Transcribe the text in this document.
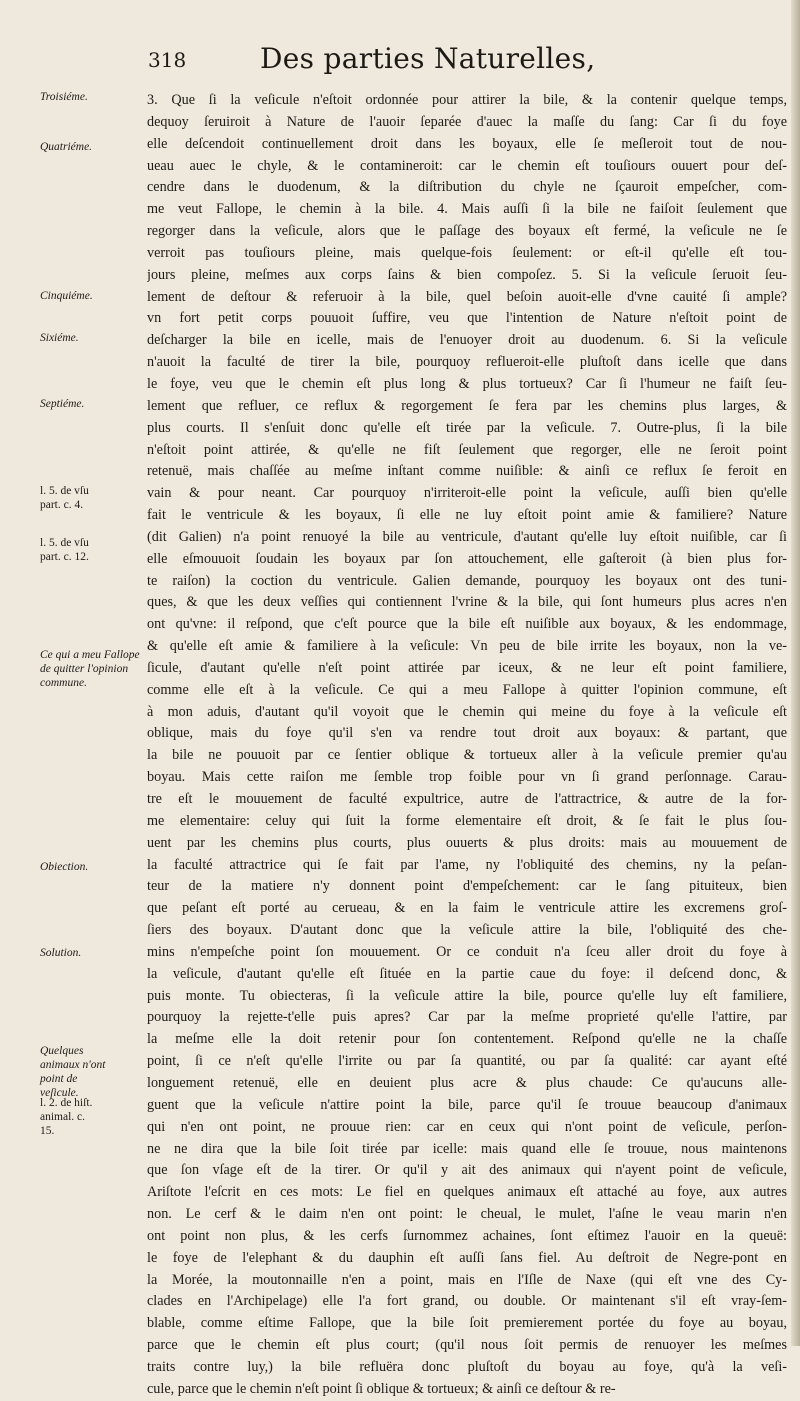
318	Des parties Naturelles,
Troisiéme.
Quatriéme.
Cinquiéme.
Sixiéme.
Septiéme.
l. 5. de vſu part. c. 4.
l. 5. de vſu part. c. 12.
Ce qui a meu Fallope de quitter l'opinion commune.
Obiection.
Solution.
Quelques animaux n'ont point de veſicule.
l. 2. de hiſt. animal. c. 15.
3. Que ſi la veſicule n'eſtoit ordonnée pour attirer la bile, & la contenir quelque temps,
dequoy ſeruiroit à Nature de l'auoir ſeparée d'auec la maſſe du ſang: Car ſi du foye
elle deſcendoit continuellement droit dans les boyaux, elle ſe meſleroit tout de nou-
ueau auec le chyle, & le contamineroit: car le chemin eſt touſiours ouuert pour deſ-
cendre dans le duodenum, & la diſtribution du chyle ne ſçauroit empeſcher, com-
me veut Fallope, le chemin à la bile. 4. Mais auſſi ſi la bile ne faiſoit ſeulement que
regorger dans la veſicule, alors que le paſſage des boyaux eſt fermé, la veſicule ne ſe
verroit pas touſiours pleine, mais quelque-fois ſeulement: or eſt-il qu'elle eſt tou-
jours pleine, meſmes aux corps ſains & bien compoſez. 5. Si la veſicule ſeruoit ſeu-
lement de deſtour & referuoir à la bile, quel beſoin auoit-elle d'vne cauité ſi ample?
vn fort petit corps pouuoit ſuffire, veu que l'intention de Nature n'eſtoit point de
deſcharger la bile en icelle, mais de l'enuoyer droit au duodenum. 6. Si la veſicule
n'auoit la faculté de tirer la bile, pourquoy reflueroit-elle pluſtoſt dans icelle que dans
le foye, veu que le chemin eſt plus long & plus tortueux? Car ſi l'humeur ne faiſt ſeu-
lement que refluer, ce reflux & regorgement ſe fera par les chemins plus larges, &
plus courts. Il s'enſuit donc qu'elle eſt tirée par la veſicule. 7. Outre-plus, ſi la bile
n'eſtoit point attirée, & qu'elle ne fiſt ſeulement que regorger, elle ne ſeroit point
retenuë, mais chaſſée au meſme inſtant comme nuiſible: & ainſi ce reflux ſe feroit en
vain & pour neant. Car pourquoy n'irriteroit-elle point la veſicule, auſſi bien qu'elle
fait le ventricule & les boyaux, ſi elle ne luy eſtoit point amie & familiere? Nature
(dit Galien) n'a point renuoyé la bile au ventricule, d'autant qu'elle luy eſtoit nuiſible, car ſi
elle eſmouuoit ſoudain les boyaux par ſon attouchement, elle gaſteroit (à bien plus for-
te raiſon) la coction du ventricule. Galien demande, pourquoy les boyaux ont des tuni-
ques, & que les deux veſſies qui contiennent l'vrine & la bile, qui ſont humeurs plus acres n'en
ont qu'vne: il reſpond, que c'eſt pource que la bile eſt nuiſible aux boyaux, & les endommage,
& qu'elle eſt amie & familiere à la veſicule: Vn peu de bile irrite les boyaux, non la ve-
ſicule, d'autant qu'elle n'eſt point attirée par iceux, & ne leur eſt point familiere,
comme elle eſt à la veſicule. Ce qui a meu Fallope à quitter l'opinion commune, eſt
à mon aduis, d'autant qu'il voyoit que le chemin qui meine du foye à la veſicule eſt
oblique, mais du foye qu'il s'en va rendre tout droit aux boyaux: & partant, que
la bile ne pouuoit par ce ſentier oblique & tortueux aller à la veſicule premier qu'au
boyau. Mais cette raiſon me ſemble trop foible pour vn ſi grand perſonnage. Carau-
tre eſt le mouuement de faculté expultrice, autre de l'attractrice, & autre de la for-
me elementaire: celuy qui ſuit la forme elementaire eſt droit, & ſe fait le plus ſou-
uent par les chemins plus courts, plus ouuerts & plus droits: mais au mouuement de
la faculté attractrice qui ſe fait par l'ame, ny l'obliquité des chemins, ny la peſan-
teur de la matiere n'y donnent point d'empeſchement: car le ſang pituiteux, bien
que peſant eſt porté au cerueau, & en la faim le ventricule attire les excremens groſ-
ſiers des boyaux. D'autant donc que la veſicule attire la bile, l'obliquité des che-
mins n'empeſche point ſon mouuement. Or ce conduit n'a ſceu aller droit du foye à
la veſicule, d'autant qu'elle eſt ſituée en la partie caue du foye: il deſcend donc, &
puis monte. Tu obiecteras, ſi la veſicule attire la bile, pource qu'elle luy eſt familiere,
pourquoy la rejette-t'elle puis apres? Car par la meſme proprieté qu'elle l'attire, par
la meſme elle la doit retenir pour ſon contentement. Reſpond qu'elle ne la chaſſe
point, ſi ce n'eſt qu'elle l'irrite ou par ſa quantité, ou par ſa qualité: car ayant eſté
longuement retenuë, elle en deuient plus acre & plus chaude: Ce qu'aucuns alle-
guent que la veſicule n'attire point la bile, parce qu'il ſe trouue beaucoup d'animaux
qui n'en ont point, ne prouue rien: car en ceux qui n'ont point de veſicule, perſon-
ne ne dira que la bile ſoit tirée par icelle: mais quand elle ſe trouue, nous maintenons
que ſon vſage eſt de la tirer. Or qu'il y ait des animaux qui n'ayent point de veſicule,
Ariſtote l'eſcrit en ces mots: Le fiel en quelques animaux eſt attaché au foye, aux autres
non. Le cerf & le daim n'en ont point: le cheual, le mulet, l'aſne le veau marin n'en
ont point non plus, & les cerfs ſurnommez achaines, ſont eſtimez l'auoir en la queuë:
le foye de l'elephant & du dauphin eſt auſſi ſans fiel. Au deſtroit de Negre-pont en
la Morée, la moutonnaille n'en a point, mais en l'Iſle de Naxe (qui eſt vne des Cy-
clades en l'Archipelage) elle l'a fort grand, ou double. Or maintenant s'il eſt vray-ſem-
blable, comme eſtime Fallope, que la bile ſoit premierement portée du foye au boyau,
parce que le chemin eſt plus court; (qu'il nous ſoit permis de renuoyer les meſmes
traits contre luy,) la bile refluëra donc pluſtoſt du boyau au foye, qu'à la veſi-
cule, parce que le chemin n'eſt point ſi oblique & tortueux; & ainſi ce deſtour & re-
